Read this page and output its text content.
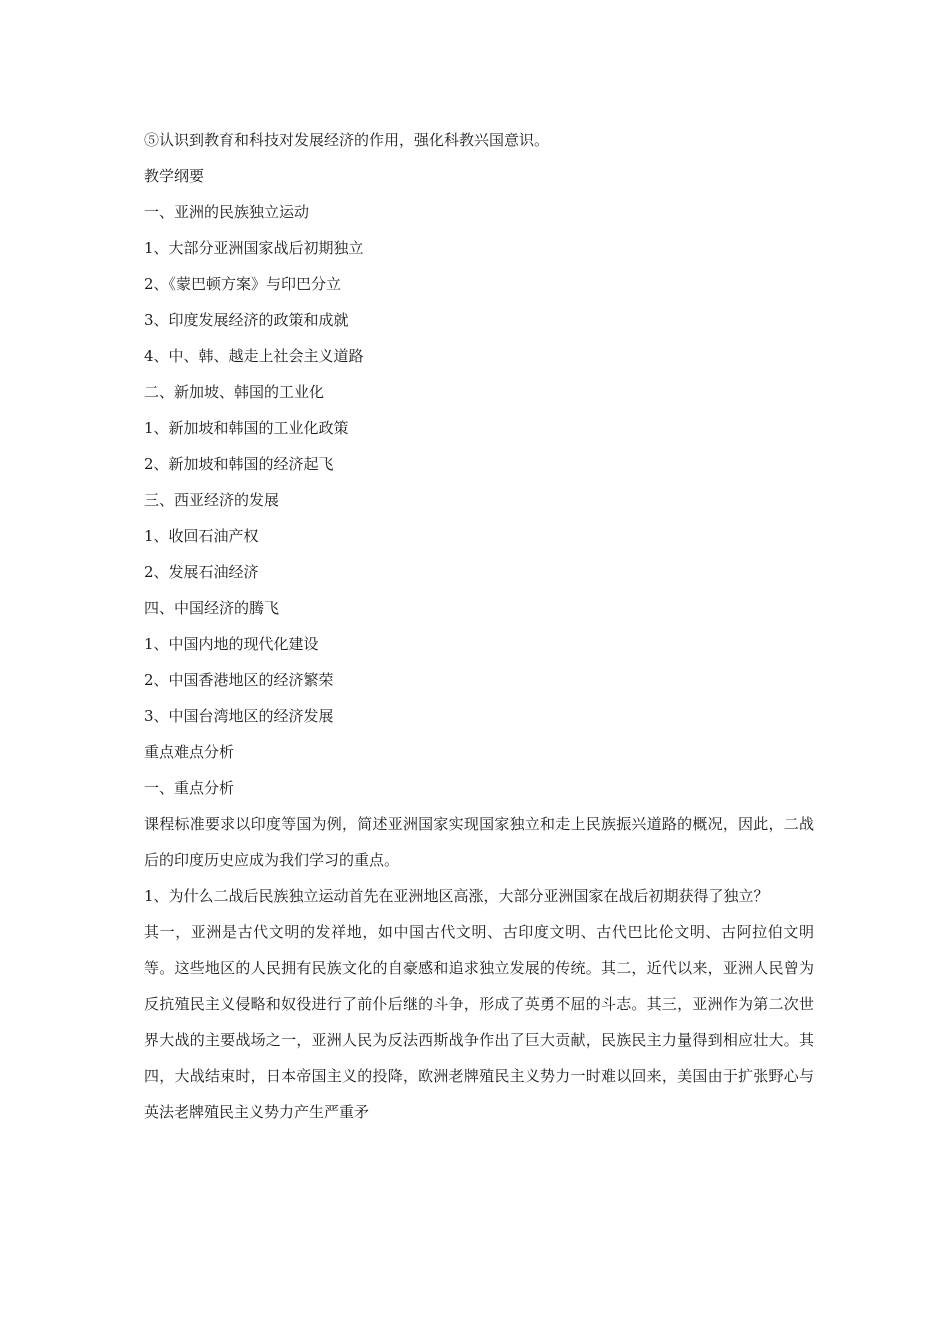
⑤认识到教育和科技对发展经济的作用，强化科教兴国意识。
教学纲要
一、亚洲的民族独立运动
1、大部分亚洲国家战后初期独立
2、《蒙巴顿方案》与印巴分立
3、印度发展经济的政策和成就
4、中、韩、越走上社会主义道路
二、新加坡、韩国的工业化
1、新加坡和韩国的工业化政策
2、新加坡和韩国的经济起飞
三、西亚经济的发展
1、收回石油产权
2、发展石油经济
四、中国经济的腾飞
1、中国内地的现代化建设
2、中国香港地区的经济繁荣
3、中国台湾地区的经济发展
重点难点分析
一、重点分析
课程标准要求以印度等国为例，简述亚洲国家实现国家独立和走上民族振兴道路的概况，因此，二战后的印度历史应成为我们学习的重点。
1、为什么二战后民族独立运动首先在亚洲地区高涨，大部分亚洲国家在战后初期获得了独立？
其一，亚洲是古代文明的发祥地，如中国古代文明、古印度文明、古代巴比伦文明、古阿拉伯文明等。这些地区的人民拥有民族文化的自豪感和追求独立发展的传统。其二，近代以来，亚洲人民曾为反抗殖民主义侵略和奴役进行了前仆后继的斗争，形成了英勇不屈的斗志。其三，亚洲作为第二次世界大战的主要战场之一，亚洲人民为反法西斯战争作出了巨大贡献，民族民主力量得到相应壮大。其四，大战结束时，日本帝国主义的投降，欧洲老牌殖民主义势力一时难以回来，美国由于扩张野心与英法老牌殖民主义势力产生严重矛
